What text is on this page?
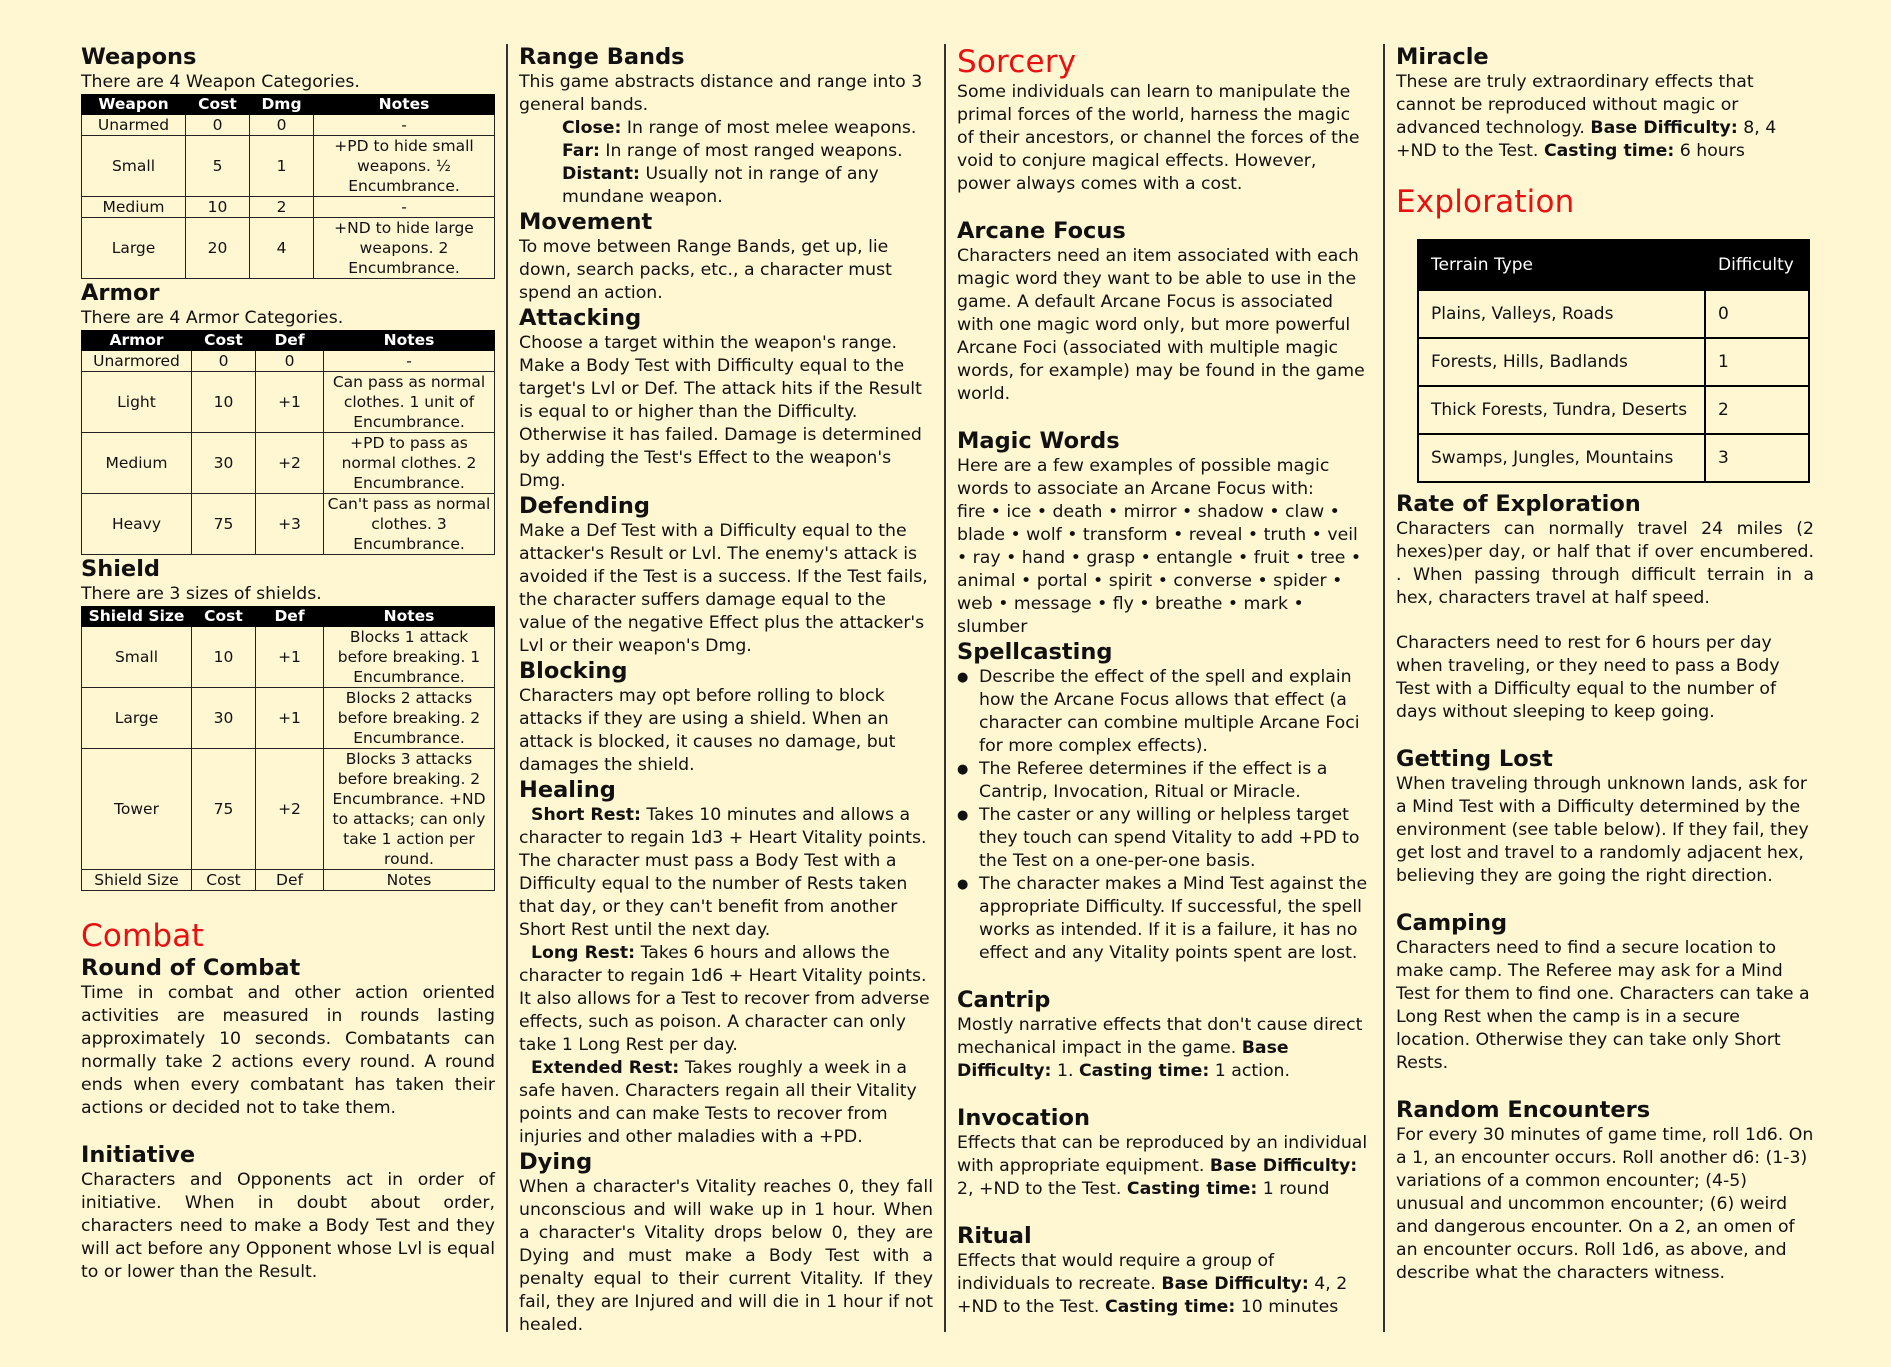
Weapons

There are 4 Weapon Categories.

Weapon	Cost	Dmg	Notes
Unarmed	0	0	-
Small	5	1	+PD to hide small weapons. ½ Encumbrance.
Medium	10	2	-
Large	20	4	+ND to hide large weapons. 2 Encumbrance.
Armor

There are 4 Armor Categories.

Armor	Cost	Def	Notes
Unarmored	0	0	-
Light	10	+1	Can pass as normal clothes. 1 unit of Encumbrance.
Medium	30	+2	+PD to pass as normal clothes. 2 Encumbrance.
Heavy	75	+3	Can't pass as normal clothes. 3 Encumbrance.
Shield

There are 3 sizes of shields.

Shield Size	Cost	Def	Notes
Small	10	+1	Blocks 1 attack before breaking. 1 Encumbrance.
Large	30	+1	Blocks 2 attacks before breaking. 2 Encumbrance.
Tower	75	+2	Blocks 3 attacks before breaking. 2 Encumbrance. +ND to attacks; can only take 1 action per round.
Shield Size	Cost	Def	Notes
Combat
Round of Combat

Time in combat and other action oriented activities are measured in rounds lasting approximately 10 seconds. Combatants can normally take 2 actions every round. A round ends when every combatant has taken their actions or decided not to take them.

Initiative

Characters and Opponents act in order of initiative. When in doubt about order, characters need to make a Body Test and they will act before any Opponent whose Lvl is equal to or lower than the Result.

Range Bands

This game abstracts distance and range into 3 general bands.

Close: In range of most melee weapons.

Far: In range of most ranged weapons.

Distant: Usually not in range of any mundane weapon.

Movement

To move between Range Bands, get up, lie down, search packs, etc., a character must spend an action.

Attacking

Choose a target within the weapon's range. Make a Body Test with Difficulty equal to the target's Lvl or Def. The attack hits if the Result is equal to or higher than the Difficulty. Otherwise it has failed. Damage is determined by adding the Test's Effect to the weapon's Dmg.

Defending

Make a Def Test with a Difficulty equal to the attacker's Result or Lvl. The enemy's attack is avoided if the Test is a success. If the Test fails, the character suffers damage equal to the value of the negative Effect plus the attacker's Lvl or their weapon's Dmg.

Blocking

Characters may opt before rolling to block attacks if they are using a shield. When an attack is blocked, it causes no damage, but damages the shield.

Healing

Short Rest: Takes 10 minutes and allows a character to regain 1d3 + Heart Vitality points. The character must pass a Body Test with a Difficulty equal to the number of Rests taken that day, or they can't benefit from another Short Rest until the next day.

Long Rest: Takes 6 hours and allows the character to regain 1d6 + Heart Vitality points. It also allows for a Test to recover from adverse effects, such as poison. A character can only take 1 Long Rest per day.

Extended Rest: Takes roughly a week in a safe haven. Characters regain all their Vitality points and can make Tests to recover from injuries and other maladies with a +PD.

Dying

When a character's Vitality reaches 0, they fall unconscious and will wake up in 1 hour. When a character's Vitality drops below 0, they are Dying and must make a Body Test with a penalty equal to their current Vitality. If they fail, they are Injured and will die in 1 hour if not healed.

Sorcery

Some individuals can learn to manipulate the primal forces of the world, harness the magic of their ancestors, or channel the forces of the void to conjure magical effects. However, power always comes with a cost.

Arcane Focus

Characters need an item associated with each magic word they want to be able to use in the game. A default Arcane Focus is associated with one magic word only, but more powerful Arcane Foci (associated with multiple magic words, for example) may be found in the game world.

Magic Words

Here are a few examples of possible magic words to associate an Arcane Focus with:

fire • ice • death • mirror • shadow • claw • blade • wolf • transform • reveal • truth • veil • ray • hand • grasp • entangle • fruit • tree • animal • portal • spirit • converse • spider • web • message • fly • breathe • mark • slumber

Spellcasting
● Describe the effect of the spell and explain how the Arcane Focus allows that effect (a character can combine multiple Arcane Foci for more complex effects).
● The Referee determines if the effect is a Cantrip, Invocation, Ritual or Miracle.
● The caster or any willing or helpless target they touch can spend Vitality to add +PD to the Test on a one-per-one basis.
● The character makes a Mind Test against the appropriate Difficulty. If successful, the spell works as intended. If it is a failure, it has no effect and any Vitality points spent are lost.
Cantrip

Mostly narrative effects that don't cause direct mechanical impact in the game. Base Difficulty: 1. Casting time: 1 action.

Invocation

Effects that can be reproduced by an individual with appropriate equipment. Base Difficulty: 2, +ND to the Test. Casting time: 1 round

Ritual

Effects that would require a group of individuals to recreate. Base Difficulty: 4, 2 +ND to the Test. Casting time: 10 minutes

Miracle

These are truly extraordinary effects that cannot be reproduced without magic or advanced technology. Base Difficulty: 8, 4 +ND to the Test. Casting time: 6 hours

Exploration
Terrain Type	Difficulty
Plains, Valleys, Roads	0
Forests, Hills, Badlands	1
Thick Forests, Tundra, Deserts	2
Swamps, Jungles, Mountains	3
Rate of Exploration

Characters can normally travel 24 miles (2 hexes)per day, or half that if over encumbered. . When passing through difficult terrain in a hex, characters travel at half speed.

Characters need to rest for 6 hours per day when traveling, or they need to pass a Body Test with a Difficulty equal to the number of days without sleeping to keep going.

Getting Lost

When traveling through unknown lands, ask for a Mind Test with a Difficulty determined by the environment (see table below). If they fail, they get lost and travel to a randomly adjacent hex, believing they are going the right direction.

Camping

Characters need to find a secure location to make camp. The Referee may ask for a Mind Test for them to find one. Characters can take a Long Rest when the camp is in a secure location. Otherwise they can take only Short Rests.

Random Encounters

For every 30 minutes of game time, roll 1d6. On a 1, an encounter occurs. Roll another d6: (1-3) variations of a common encounter; (4-5) unusual and uncommon encounter; (6) weird and dangerous encounter. On a 2, an omen of an encounter occurs. Roll 1d6, as above, and describe what the characters witness.
